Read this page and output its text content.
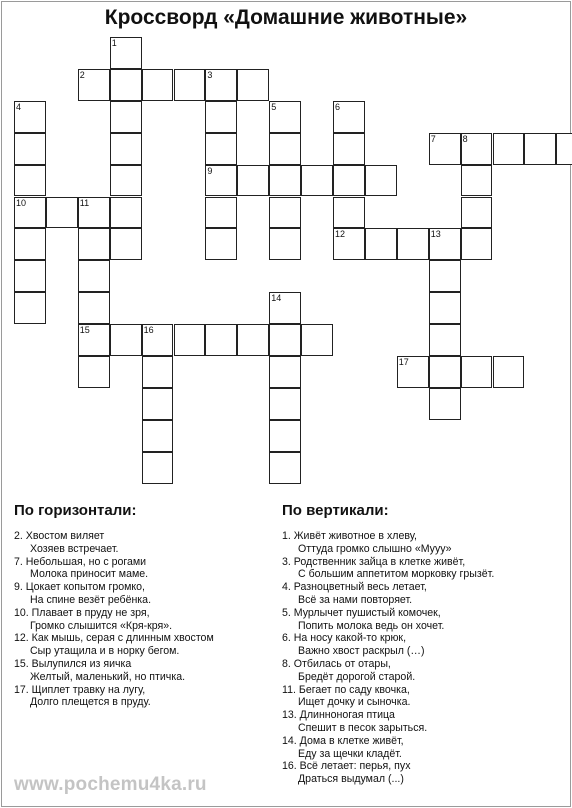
Кроссворд «Домашние животные»
2	3
7	8
9
10	11
12	13
15	16
17
1
4	5	6
14
По горизонтали:	По вертикали:
2. Хвостом виляет
Хозяев встречает.
7. Небольшая, но с рогами
Молока приносит маме.
9. Цокает копытом громко,
На спине везёт ребёнка.
10. Плавает в пруду не зря,
Громко слышится «Кря-кря».
12. Как мышь, серая с длинным хвостом
Сыр утащила и в норку бегом.
15. Вылупился из яичка
Желтый, маленький, но птичка.
17. Щиплет травку на лугу,
Долго плещется в пруду.
1. Живёт животное в хлеву,
Оттуда громко слышно «Мууу»
3. Родственник зайца в клетке живёт,
С большим аппетитом морковку грызёт.
4. Разноцветный весь летает,
Всё за нами повторяет.
5. Мурлычет пушистый комочек,
Попить молока ведь он хочет.
6. На носу какой-то крюк,
Важно хвост раскрыл (…)
8. Отбилась от отары,
Бредёт дорогой старой.
11. Бегает по саду квочка,
Ищет дочку и сыночка.
13. Длинноногая птица
Спешит в песок зарыться.
14. Дома в клетке живёт,
Еду за щечки кладёт.
16. Всё летает: перья, пух
Драться выдумал (...)
www.pochemu4ka.ru
